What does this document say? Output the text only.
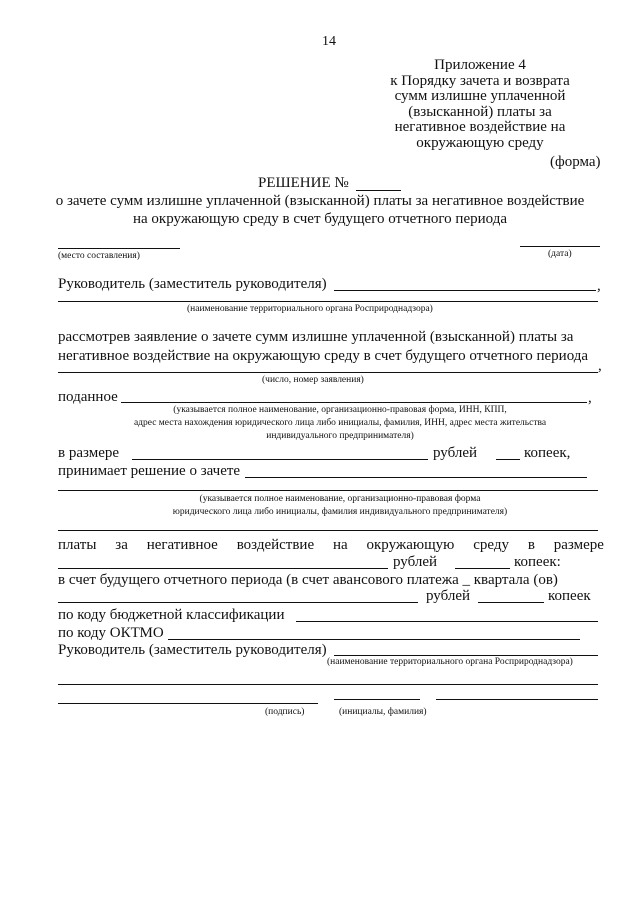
14
Приложение 4
к Порядку зачета и возврата
сумм излишне уплаченной
(взысканной) платы за
негативное воздействие на
окружающую среду
(форма)
РЕШЕНИЕ №
о зачете сумм излишне уплаченной (взысканной) платы за негативное воздействие
на окружающую среду в счет будущего отчетного периода
(место составления)	(дата)
Руководитель (заместитель руководителя)	,
(наименование территориального органа Росприроднадзора)
рассмотрев заявление о зачете сумм излишне уплаченной (взысканной) платы за
негативное воздействие на окружающую среду в счет будущего отчетного периода
,
(число, номер заявления)
поданное	,
(указывается полное наименование, организационно-правовая форма, ИНН, КПП,
адрес места нахождения юридического лица либо инициалы, фамилия, ИНН, адрес места жительства
индивидуального предпринимателя)
в размере	рублей	копеек,
принимает решение о зачете
(указывается полное наименование, организационно-правовая форма
юридического лица либо инициалы, фамилия индивидуального предпринимателя)
платы за негативное воздействие на окружающую среду в размере
рублей	копеек:
в счет будущего отчетного периода (в счет авансового платежа _ квартала (ов)
рублей	копеек
по коду бюджетной классификации
по коду ОКТМО
Руководитель (заместитель руководителя)
(наименование территориального органа Росприроднадзора)
(подпись)	(инициалы, фамилия)
